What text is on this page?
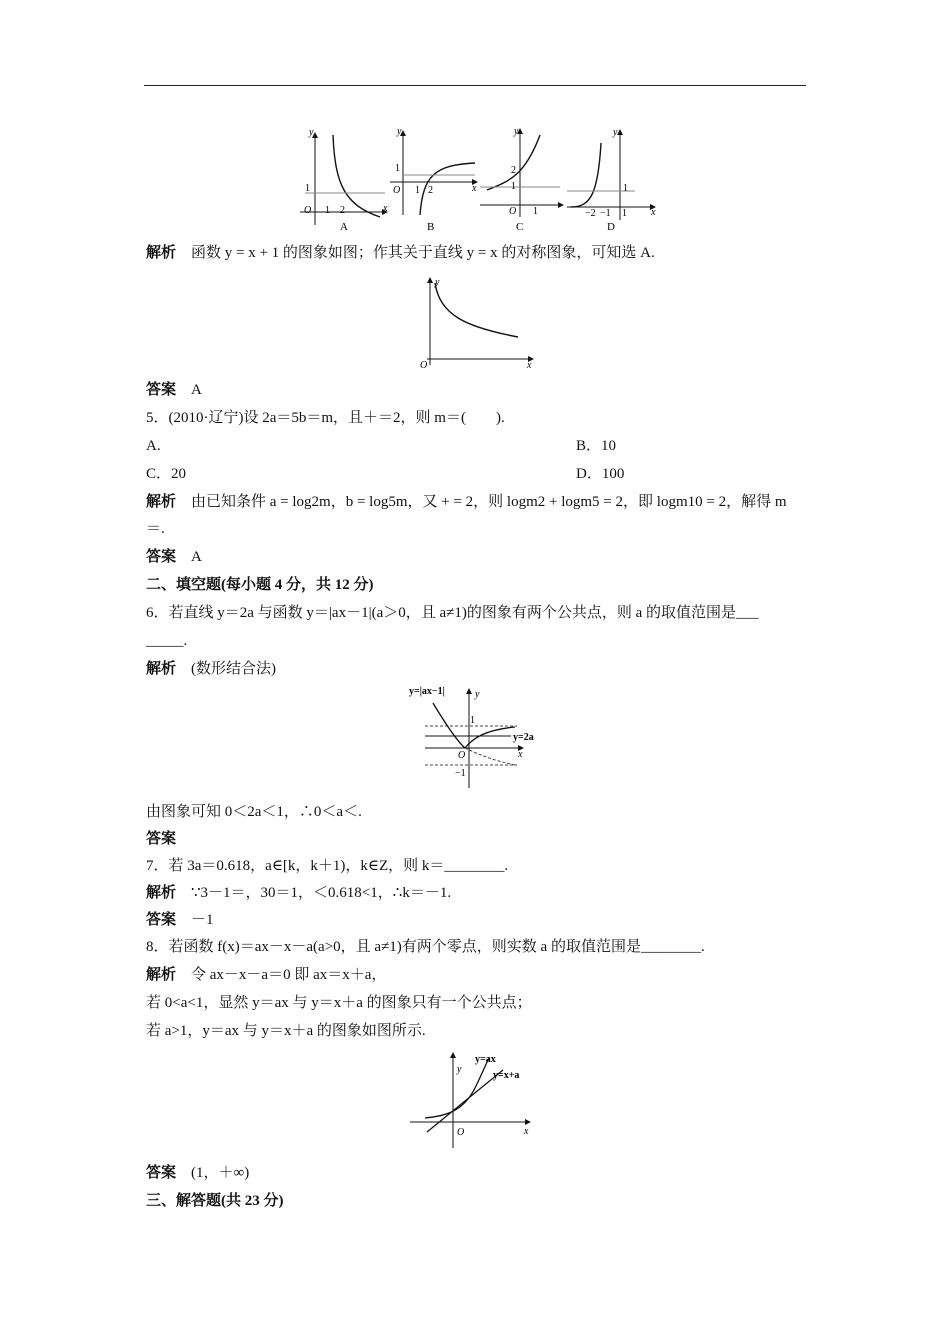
y
x
O
1
1 2
A
y
x
O
1
1 2
B
y
2
1
O 1
C
y
x
1
−2 −1 1
D
解析 函数 y = x + 1 的图象如图；作其关于直线 y = x 的对称图象，可知选 A.
y
x
O
答案 A
5．(2010·辽宁)设 2a＝5b＝m，且＋＝2，则 m＝(　　).
A.	B．10
C．20	D．100
解析 由已知条件 a = log2m，b = log5m，又 + = 2，则 logm2 + logm5 = 2，即 logm10 = 2，解得 m
＝.
答案 A
二、填空题(每小题 4 分，共 12 分)
6．若直线 y＝2a 与函数 y＝|ax－1|(a＞0，且 a≠1)的图象有两个公共点，则 a 的取值范围是___
_____.
解析 (数形结合法)
y=|ax−1|	y
1
y=2a
O	x
−1
由图象可知 0＜2a＜1，∴0＜a＜.
答案
7．若 3a＝0.618，a∈[k，k＋1)，k∈Z，则 k＝________.
解析 ∵3－1＝，30＝1，＜0.618<1，∴k＝－1.
答案 －1
8．若函数 f(x)＝ax－x－a(a>0，且 a≠1)有两个零点，则实数 a 的取值范围是________.
解析 令 ax－x－a＝0 即 ax＝x＋a，
若 0<a<1，显然 y＝ax 与 y＝x＋a 的图象只有一个公共点；
若 a>1，y＝ax 与 y＝x＋a 的图象如图所示.
y=ax
y=x+a
y
O	x
答案 (1，＋∞)
三、解答题(共 23 分)
